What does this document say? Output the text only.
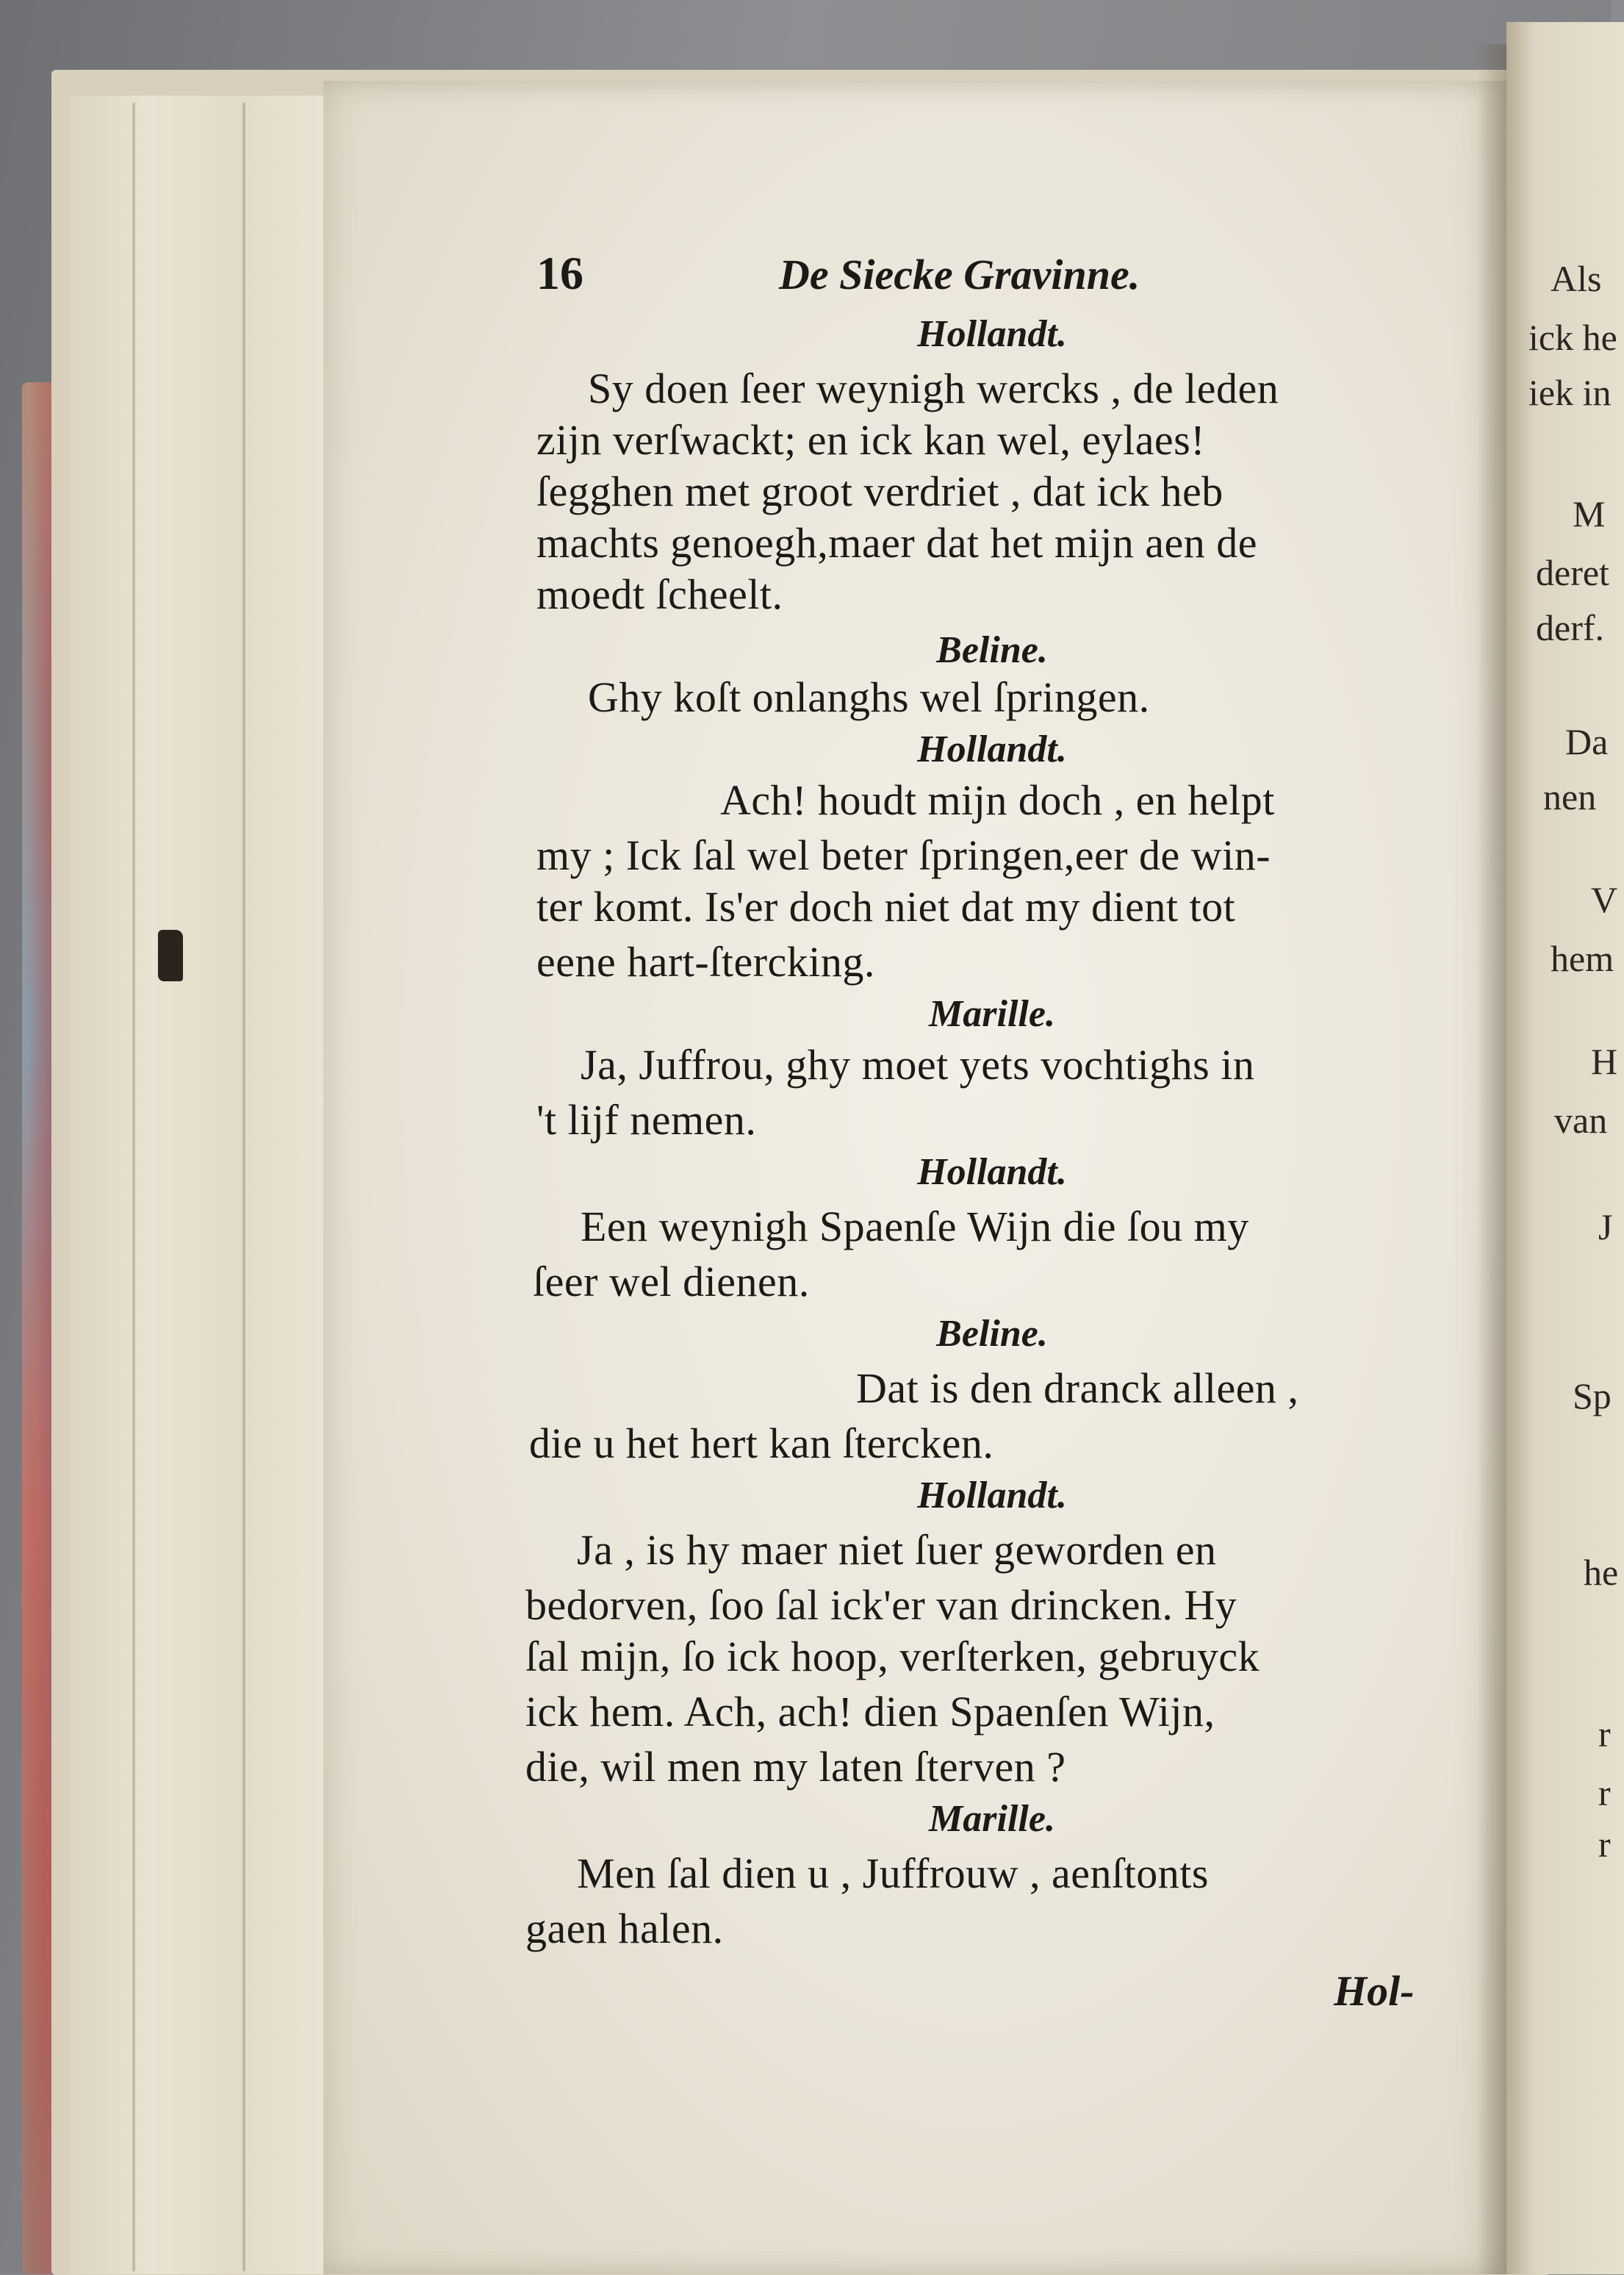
Als
ick he
iek in
M
deret
derf.
Da
nen
V
hem
H
van
J
Sp
he
r
r
r
16	De Siecke Gravinne.
Hollandt.
Sy doen ſeer weynigh wercks , de leden
zijn verſwackt; en ick kan wel, eylaes!
ſegghen met groot verdriet , dat ick heb
machts genoegh,maer dat het mijn aen de
moedt ſcheelt.
Beline.
Ghy koſt onlanghs wel ſpringen.
Hollandt.
Ach! houdt mijn doch , en helpt
my ; Ick ſal wel beter ſpringen,eer de win-
ter komt. Is'er doch niet dat my dient tot
eene hart-ſtercking.
Marille.
Ja, Juffrou, ghy moet yets vochtighs in
't lijf nemen.
Hollandt.
Een weynigh Spaenſe Wijn die ſou my
ſeer wel dienen.
Beline.
Dat is den dranck alleen ,
die u het hert kan ſtercken.
Hollandt.
Ja , is hy maer niet ſuer geworden en
bedorven, ſoo ſal ick'er van drincken. Hy
ſal mijn, ſo ick hoop, verſterken, gebruyck
ick hem. Ach, ach! dien Spaenſen Wijn,
die, wil men my laten ſterven ?
Marille.
Men ſal dien u , Juffrouw , aenſtonts
gaen halen.
Hol-
